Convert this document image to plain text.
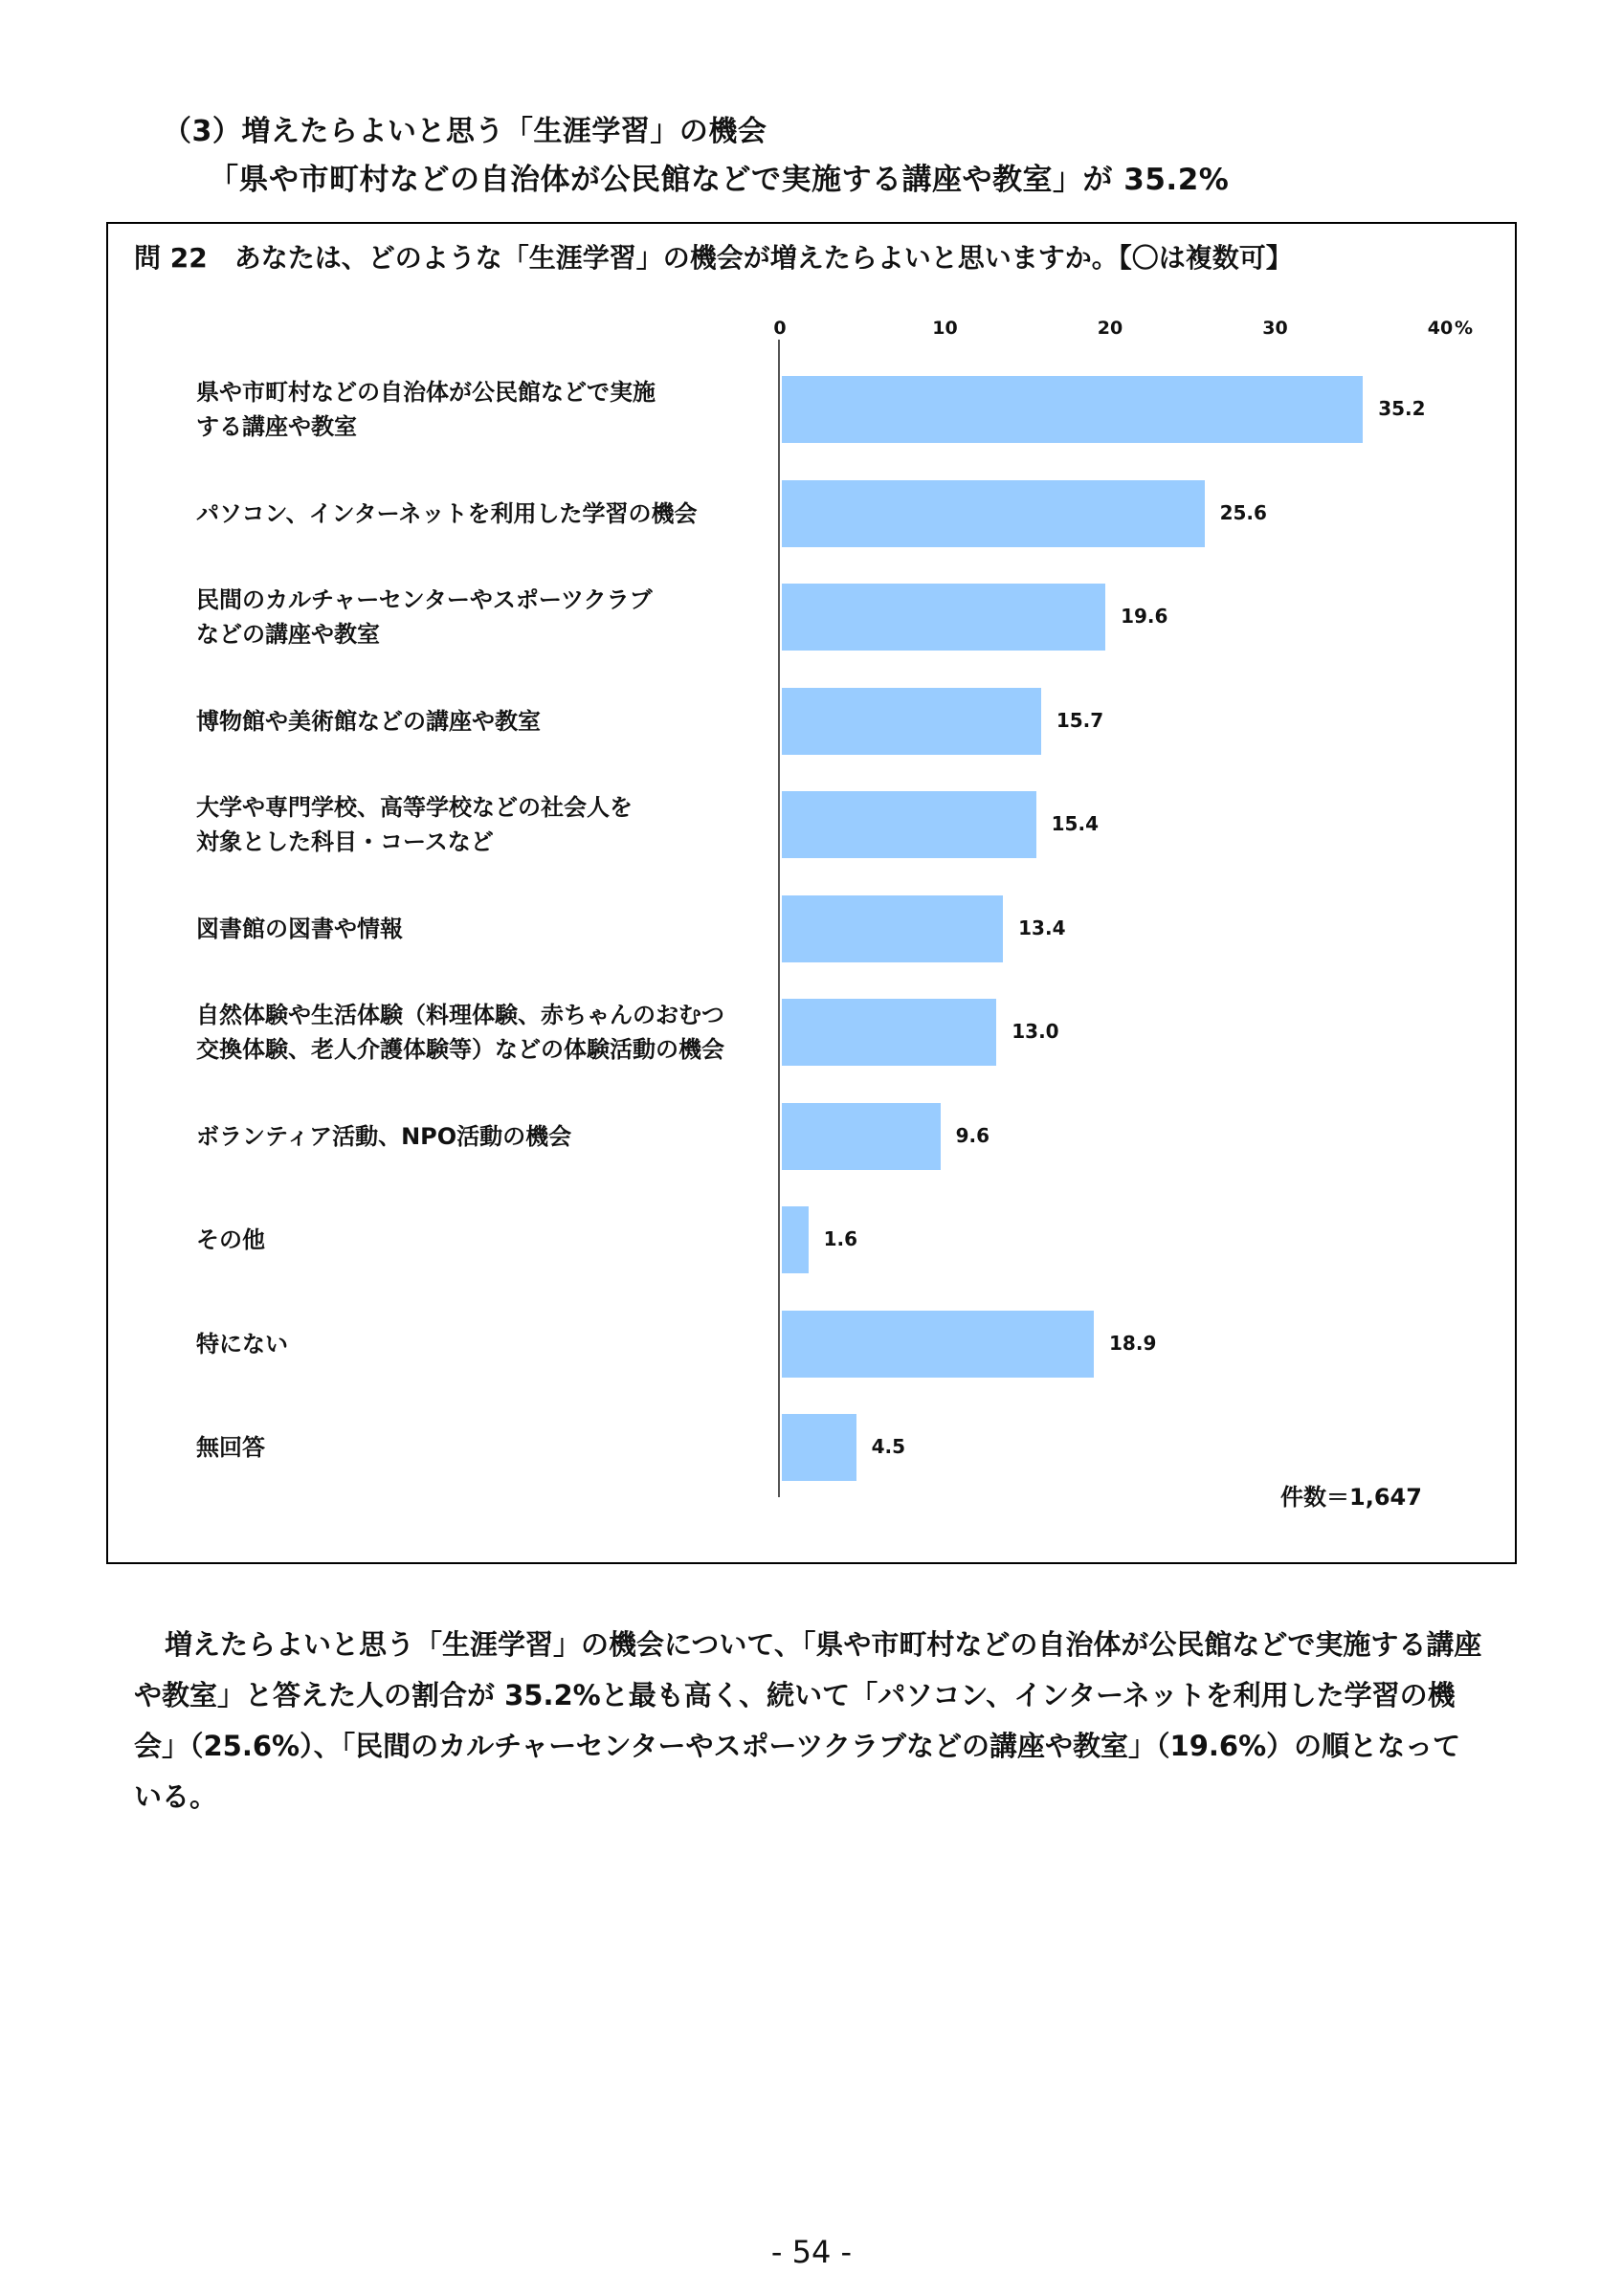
（3）増えたらよいと思う「生涯学習」の機会
「県や市町村などの自治体が公民館などで実施する講座や教室」が 35.2%
問 22　あなたは、どのような「生涯学習」の機会が増えたらよいと思いますか。【〇は複数可】
%
0	10	20	30	40
県や市町村などの自治体が公民館などで実施
する講座や教室
35.2
パソコン、インターネットを利用した学習の機会	25.6
民間のカルチャーセンターやスポーツクラブ
などの講座や教室
19.6
博物館や美術館などの講座や教室	15.7
大学や専門学校、高等学校などの社会人を
対象とした科目・コースなど
15.4
図書館の図書や情報	13.4
自然体験や生活体験（料理体験、赤ちゃんのおむつ
交換体験、老人介護体験等）などの体験活動の機会
13.0
ボランティア活動、NPO活動の機会	9.6
その他	1.6
特にない	18.9
無回答	4.5
件数＝1,647
増えたらよいと思う「生涯学習」の機会について、「県や市町村などの自治体が公民館などで実施する講座や教室」と答えた人の割合が 35.2%と最も高く、続いて「パソコン、インターネットを利用した学習の機会」（25.6%）、「民間のカルチャーセンターやスポーツクラブなどの講座や教室」（19.6%）の順となっている。
- 54 -
